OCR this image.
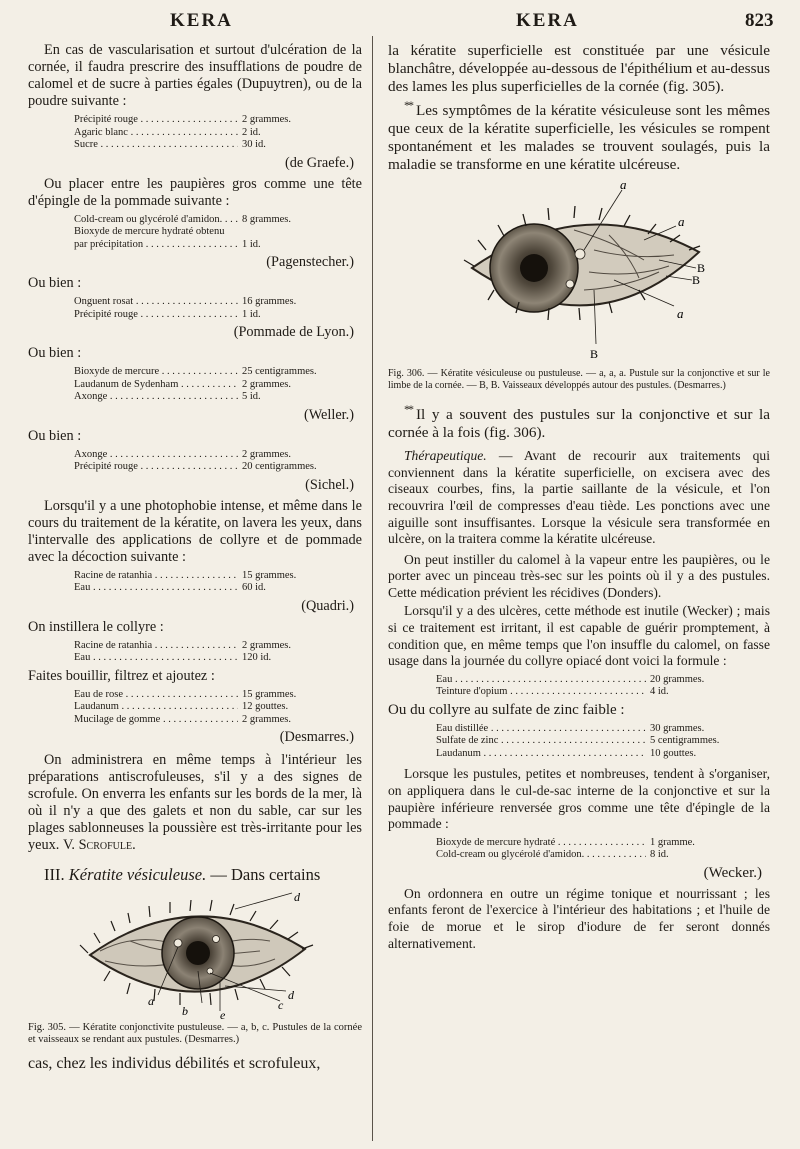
KERA	KERA	823

En cas de vascularisation et surtout d'ulcération de la cornée, il faudra prescrire des insufflations de poudre de calomel et de sucre à parties égales (Dupuytren), ou de la poudre suivante :

Précipité rouge . . .	2 grammes.
Agaric blanc . . .	2 id.
Sucre . . .	30 id.

(de Graefe.)

Ou placer entre les paupières gros comme une tête d'épingle de la pommade suivante :

Cold-cream ou glycérolé d'amidon. . . .	8 grammes.
Bioxyde de mercure hydraté obtenu
par précipitation . . .	1 id.

(Pagenstecher.)

Ou bien :

Onguent rosat . . .	16 grammes.
Précipité rouge . . .	1 id.

(Pommade de Lyon.)

Ou bien :

Bioxyde de mercure . . .	25 centigrammes.
Laudanum de Sydenham . . .	2 grammes.
Axonge . . .	5 id.

(Weller.)

Ou bien :

Axonge . . .	2 grammes.
Précipité rouge . . .	20 centigrammes.

(Sichel.)

Lorsqu'il y a une photophobie intense, et même dans le cours du traitement de la kératite, on lavera les yeux, dans l'intervalle des applications de collyre et de pommade avec la décoction suivante :

Racine de ratanhia . . .	15 grammes.
Eau . . .	60 id.

(Quadri.)

On instillera le collyre :

Racine de ratanhia . . .	2 grammes.
Eau . . .	120 id.

Faites bouillir, filtrez et ajoutez :

Eau de rose . . .	15 grammes.
Laudanum . . .	12 gouttes.
Mucilage de gomme . . .	2 grammes.

(Desmarres.)

On administrera en même temps à l'intérieur les préparations antiscrofuleuses, s'il y a des signes de scrofule. On enverra les enfants sur les bords de la mer, là où il n'y a que des galets et non du sable, car sur les plages sablonneuses la poussière est très-irritante pour les yeux. V. Scrofule.

III. Kératite vésiculeuse. — Dans certains

d
a
b	c
d
e

Fig. 305. — Kératite conjonctivite pustuleuse. — a, b, c. Pustules de la cornée et vaisseaux se rendant aux pustules. (Desmarres.)

cas, chez les individus débilités et scrofuleux,

la kératite superficielle est constituée par une vésicule blanchâtre, développée au-dessous de l'épithélium et au-dessus des lames les plus superficielles de la cornée (fig. 305).

** Les symptômes de la kératite vésiculeuse sont les mêmes que ceux de la kératite superficielle, les vésicules se rompent spontanément et les malades se trouvent soulagés, puis la maladie se transforme en une kératite ulcéreuse.

a
a
a
B
B
B

Fig. 306. — Kératite vésiculeuse ou pustuleuse. — a, a, a. Pustule sur la conjonctive et sur le limbe de la cornée. — B, B. Vaisseaux développés autour des pustules. (Desmarres.)

** Il y a souvent des pustules sur la conjonctive et sur la cornée à la fois (fig. 306).

Thérapeutique. — Avant de recourir aux traitements qui conviennent dans la kératite superficielle, on excisera avec des ciseaux courbes, fins, la partie saillante de la vésicule, et l'on recouvrira l'œil de compresses d'eau tiède. Les ponctions avec une aiguille sont insuffisantes. Lorsque la vésicule sera transformée en ulcère, on la traitera comme la kératite ulcéreuse.

On peut instiller du calomel à la vapeur entre les paupières, ou le porter avec un pinceau très-sec sur les points où il y a des pustules. Cette médication prévient les récidives (Donders).

Lorsqu'il y a des ulcères, cette méthode est inutile (Wecker) ; mais si ce traitement est irritant, il est capable de guérir promptement, à condition que, en même temps que l'on insuffle du calomel, on fasse usage dans la journée du collyre opiacé dont voici la formule :

Eau . . .	20 grammes.
Teinture d'opium . . .	4 id.

Ou du collyre au sulfate de zinc faible :

Eau distillée . . .	30 grammes.
Sulfate de zinc . . .	5 centigrammes.
Laudanum . . .	10 gouttes.

Lorsque les pustules, petites et nombreuses, tendent à s'organiser, on appliquera dans le cul-de-sac interne de la conjonctive et sur la paupière inférieure renversée gros comme une tête d'épingle de la pommade :

Bioxyde de mercure hydraté . . .	1 gramme.
Cold-cream ou glycérolé d'amidon. . . .	8 id.

(Wecker.)

On ordonnera en outre un régime tonique et nourrissant ; les enfants feront de l'exercice à l'intérieur des habitations ; et l'huile de foie de morue et le sirop d'iodure de fer seront donnés alternativement.
